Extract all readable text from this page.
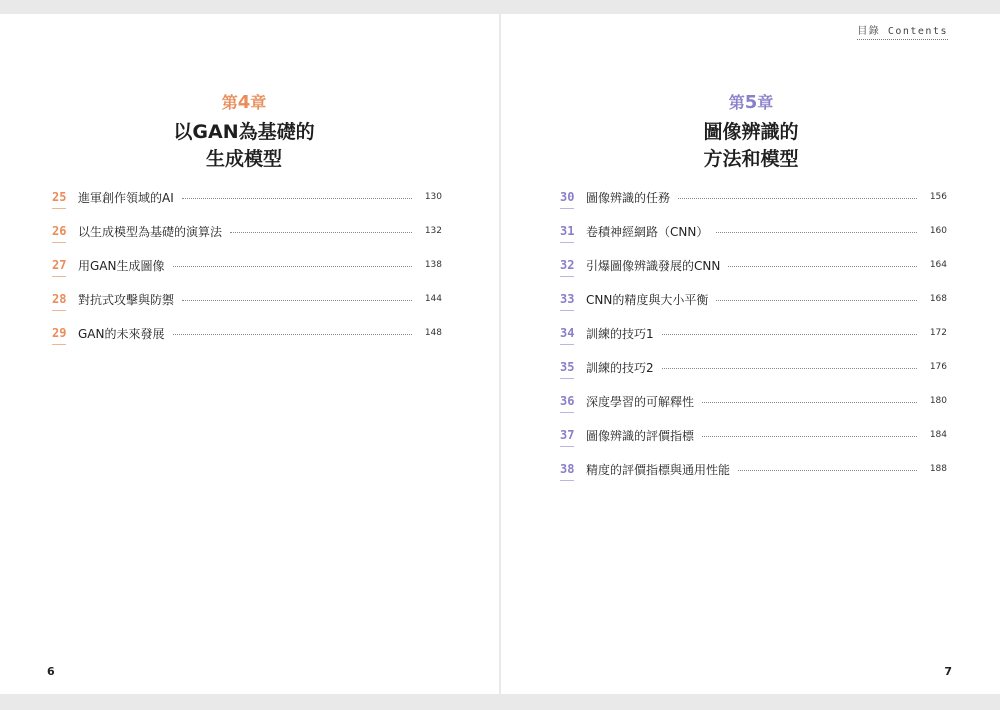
第4章
以GAN為基礎的
生成模型
25 進軍創作領域的AI	130
26 以生成模型為基礎的演算法	132
27 用GAN生成圖像	138
28 對抗式攻擊與防禦	144
29 GAN的未來發展	148
6
目錄 Contents
第5章
圖像辨識的
方法和模型
30 圖像辨識的任務	156
31 卷積神經網路（CNN）	160
32 引爆圖像辨識發展的CNN	164
33 CNN的精度與大小平衡	168
34 訓練的技巧1	172
35 訓練的技巧2	176
36 深度學習的可解釋性	180
37 圖像辨識的評價指標	184
38 精度的評價指標與通用性能	188
7
